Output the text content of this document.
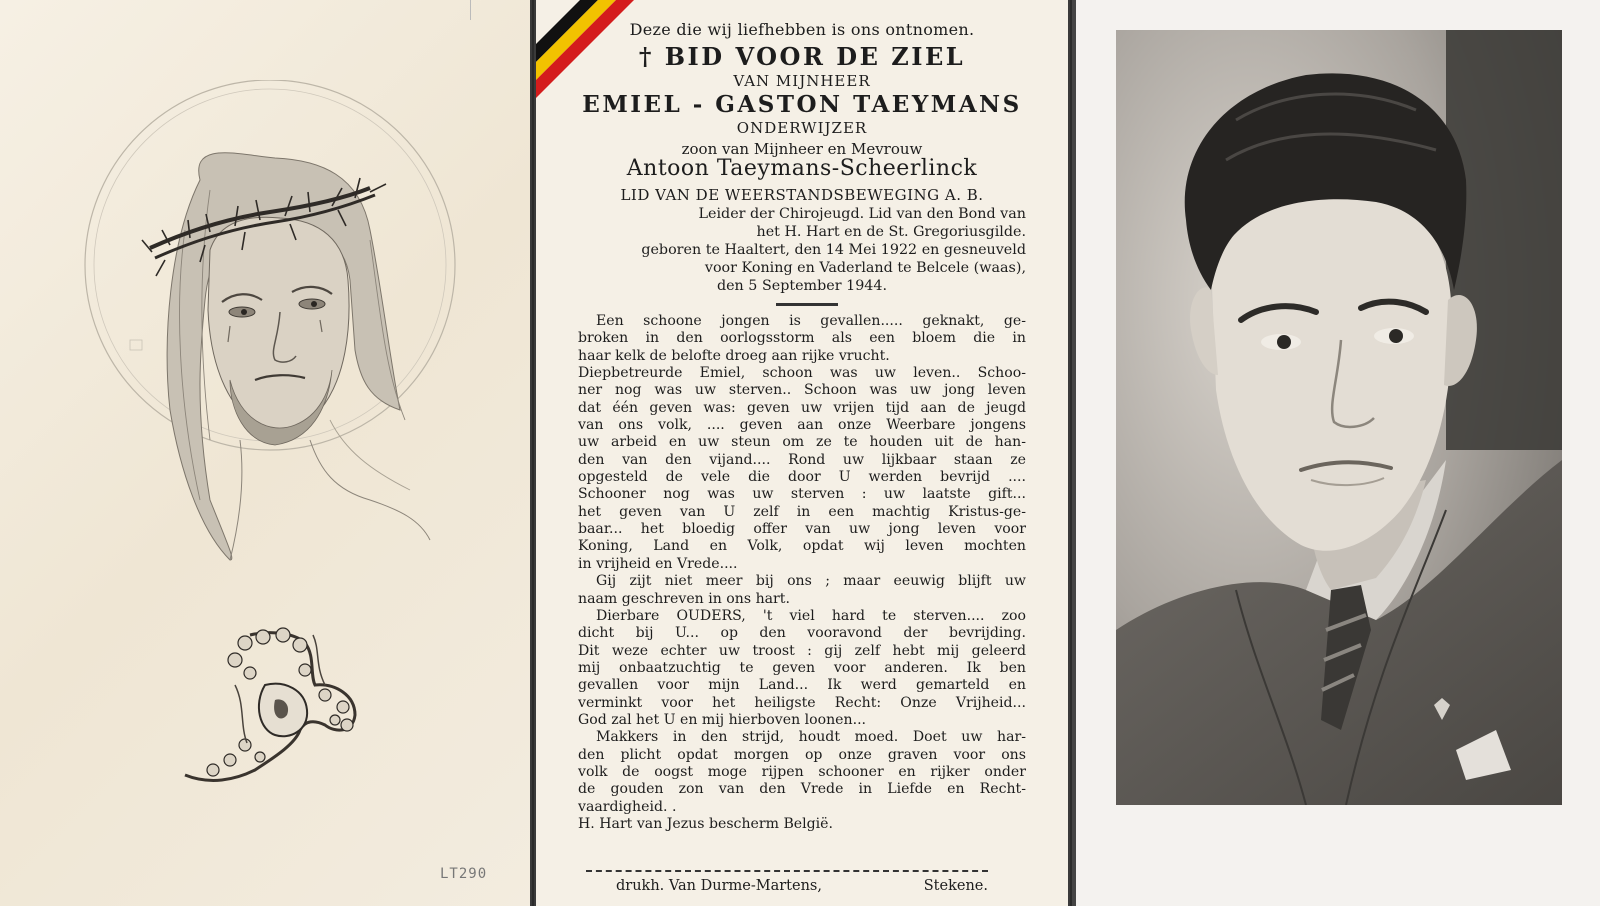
LT290
Deze die wij liefhebben is ons ontnomen.
† BID VOOR DE ZIEL
VAN MIJNHEER
EMIEL - GASTON TAEYMANS
ONDERWIJZER
zoon van Mijnheer en Mevrouw
Antoon Taeymans-Scheerlinck
LID VAN DE WEERSTANDSBEWEGING A. B.
Leider der Chirojeugd. Lid van den Bond van
het H. Hart en de St. Gregoriusgilde.
geboren te Haaltert, den 14 Mei 1922 en gesneuveld
voor Koning en Vaderland te Belcele (waas),
den 5 September 1944.
Een schoone jongen is gevallen..... geknakt, ge-
broken in den oorlogsstorm als een bloem die in
haar kelk de belofte droeg aan rijke vrucht.
Diepbetreurde Emiel, schoon was uw leven.. Schoo-
ner nog was uw sterven.. Schoon was uw jong leven
dat één geven was: geven uw vrijen tijd aan de jeugd
van ons volk, .... geven aan onze Weerbare jongens
uw arbeid en uw steun om ze te houden uit de han-
den van den vijand.... Rond uw lijkbaar staan ze
opgesteld de vele die door U werden bevrijd ....
Schooner nog was uw sterven : uw laatste gift...
het geven van U zelf in een machtig Kristus-ge-
baar... het bloedig offer van uw jong leven voor
Koning, Land en Volk, opdat wij leven mochten
in vrijheid en Vrede....
Gij zijt niet meer bij ons ; maar eeuwig blijft uw
naam geschreven in ons hart.
Dierbare OUDERS, 't viel hard te sterven.... zoo
dicht bij U... op den vooravond der bevrijding.
Dit weze echter uw troost : gij zelf hebt mij geleerd
mij onbaatzuchtig te geven voor anderen. Ik ben
gevallen voor mijn Land... Ik werd gemarteld en
verminkt voor het heiligste Recht: Onze Vrijheid...
God zal het U en mij hierboven loonen...
Makkers in den strijd, houdt moed. Doet uw har-
den plicht opdat morgen op onze graven voor ons
volk de oogst moge rijpen schooner en rijker onder
de gouden zon van den Vrede in Liefde en Recht-
vaardigheid. .
H. Hart van Jezus bescherm België.
drukh. Van Durme-Martens,	Stekene.
